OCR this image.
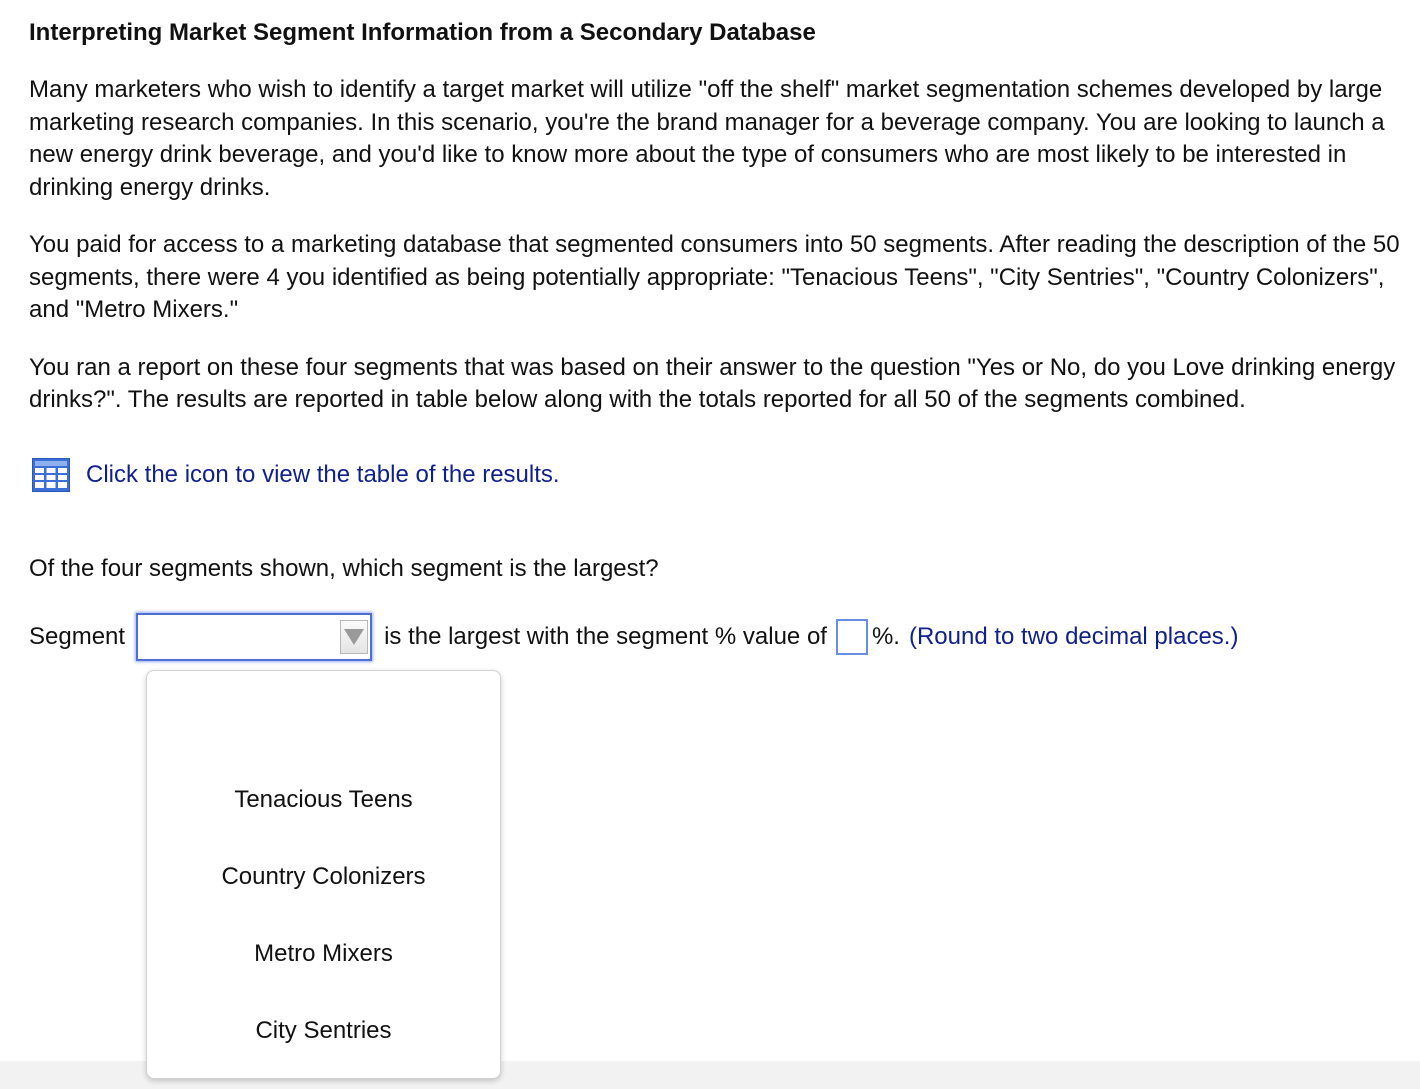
Interpreting Market Segment Information from a Secondary Database

Many marketers who wish to identify a target market will utilize "off the shelf" market segmentation schemes developed by large marketing research companies. In this scenario, you're the brand manager for a beverage company. You are looking to launch a new energy drink beverage, and you'd like to know more about the type of consumers who are most likely to be interested in drinking energy drinks.

You paid for access to a marketing database that segmented consumers into 50 segments. After reading the description of the 50 segments, there were 4 you identified as being potentially appropriate: "Tenacious Teens", "City Sentries", "Country Colonizers", and "Metro Mixers."

You ran a report on these four segments that was based on their answer to the question "Yes or No, do you Love drinking energy drinks?". The results are reported in table below along with the totals reported for all 50 of the segments combined.

Click the icon to view the table of the results.
Of the four segments shown, which segment is the largest?
Segment	is the largest with the segment % value of %. (Round to two decimal places.)
Tenacious Teens
Country Colonizers
Metro Mixers
City Sentries
